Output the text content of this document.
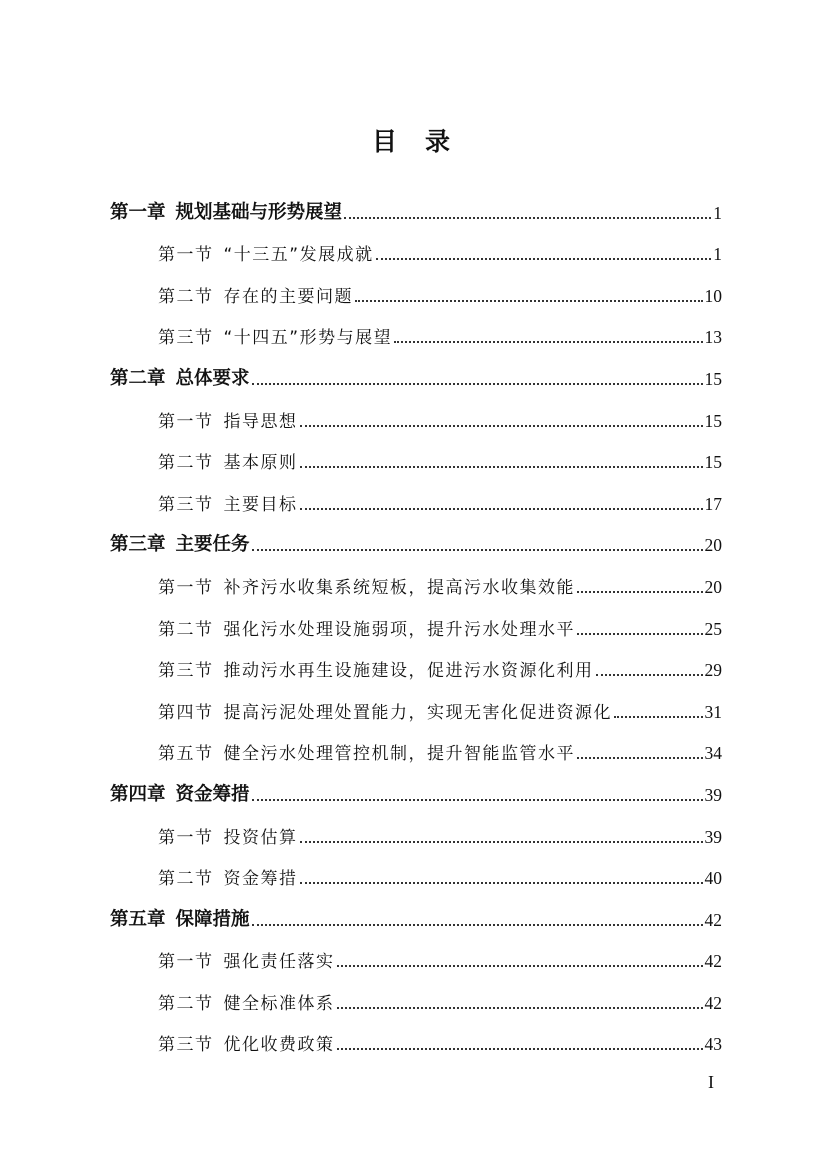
目 录
第一章 规划基础与形势展望	1
第一节 “十三五”发展成就	1
第二节 存在的主要问题	10
第三节 “十四五”形势与展望	13
第二章 总体要求	15
第一节 指导思想	15
第二节 基本原则	15
第三节 主要目标	17
第三章 主要任务	20
第一节 补齐污水收集系统短板，提高污水收集效能	20
第二节 强化污水处理设施弱项，提升污水处理水平	25
第三节 推动污水再生设施建设，促进污水资源化利用	29
第四节 提高污泥处理处置能力，实现无害化促进资源化	31
第五节 健全污水处理管控机制，提升智能监管水平	34
第四章 资金筹措	39
第一节 投资估算	39
第二节 资金筹措	40
第五章 保障措施	42
第一节 强化责任落实	42
第二节 健全标准体系	42
第三节 优化收费政策	43
I
